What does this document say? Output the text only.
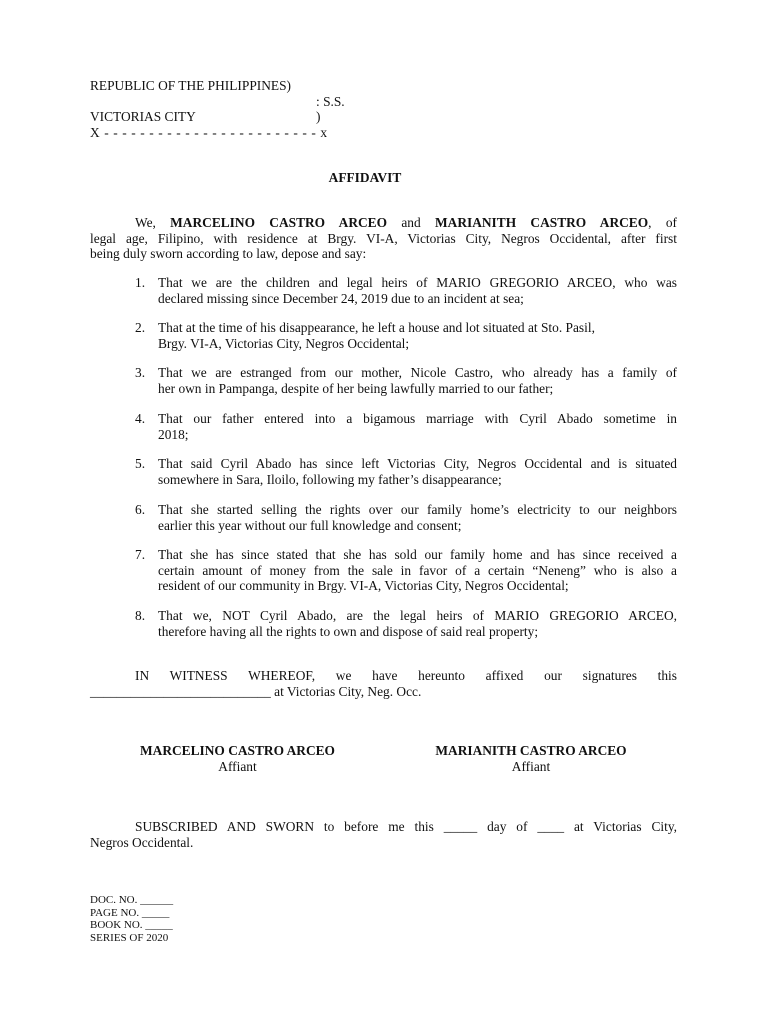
REPUBLIC OF THE PHILIPPINES)
: S.S.
VICTORIAS CITY	)
X - - - - - - - - - - - - - - - - - - - - - - - - x
AFFIDAVIT
We, MARCELINO CASTRO ARCEO and MARIANITH CASTRO ARCEO, of
legal age, Filipino, with residence at Brgy. VI-A, Victorias City, Negros Occidental, after first
being duly sworn according to law, depose and say:
1. That we are the children and legal heirs of MARIO GREGORIO ARCEO, who was
declared missing since December 24, 2019 due to an incident at sea;
2. That at the time of his disappearance, he left a house and lot situated at Sto. Pasil,
Brgy. VI-A, Victorias City, Negros Occidental;
3. That we are estranged from our mother, Nicole Castro, who already has a family of
her own in Pampanga, despite of her being lawfully married to our father;
4. That our father entered into a bigamous marriage with Cyril Abado sometime in
2018;
5. That said Cyril Abado has since left Victorias City, Negros Occidental and is situated
somewhere in Sara, Iloilo, following my father’s disappearance;
6. That she started selling the rights over our family home’s electricity to our neighbors
earlier this year without our full knowledge and consent;
7. That she has since stated that she has sold our family home and has since received a
certain amount of money from the sale in favor of a certain “Neneng” who is also a
resident of our community in Brgy. VI-A, Victorias City, Negros Occidental;
8. That we, NOT Cyril Abado, are the legal heirs of MARIO GREGORIO ARCEO,
therefore having all the rights to own and dispose of said real property;
IN WITNESS WHEREOF, we have hereunto affixed our signatures this
___________________________ at Victorias City, Neg. Occ.
MARCELINO CASTRO ARCEO
Affiant
MARIANITH CASTRO ARCEO
Affiant
SUBSCRIBED AND SWORN to before me this _____ day of ____ at Victorias City,
Negros Occidental.
DOC. NO. ______
PAGE NO. _____
BOOK NO. _____
SERIES OF 2020
